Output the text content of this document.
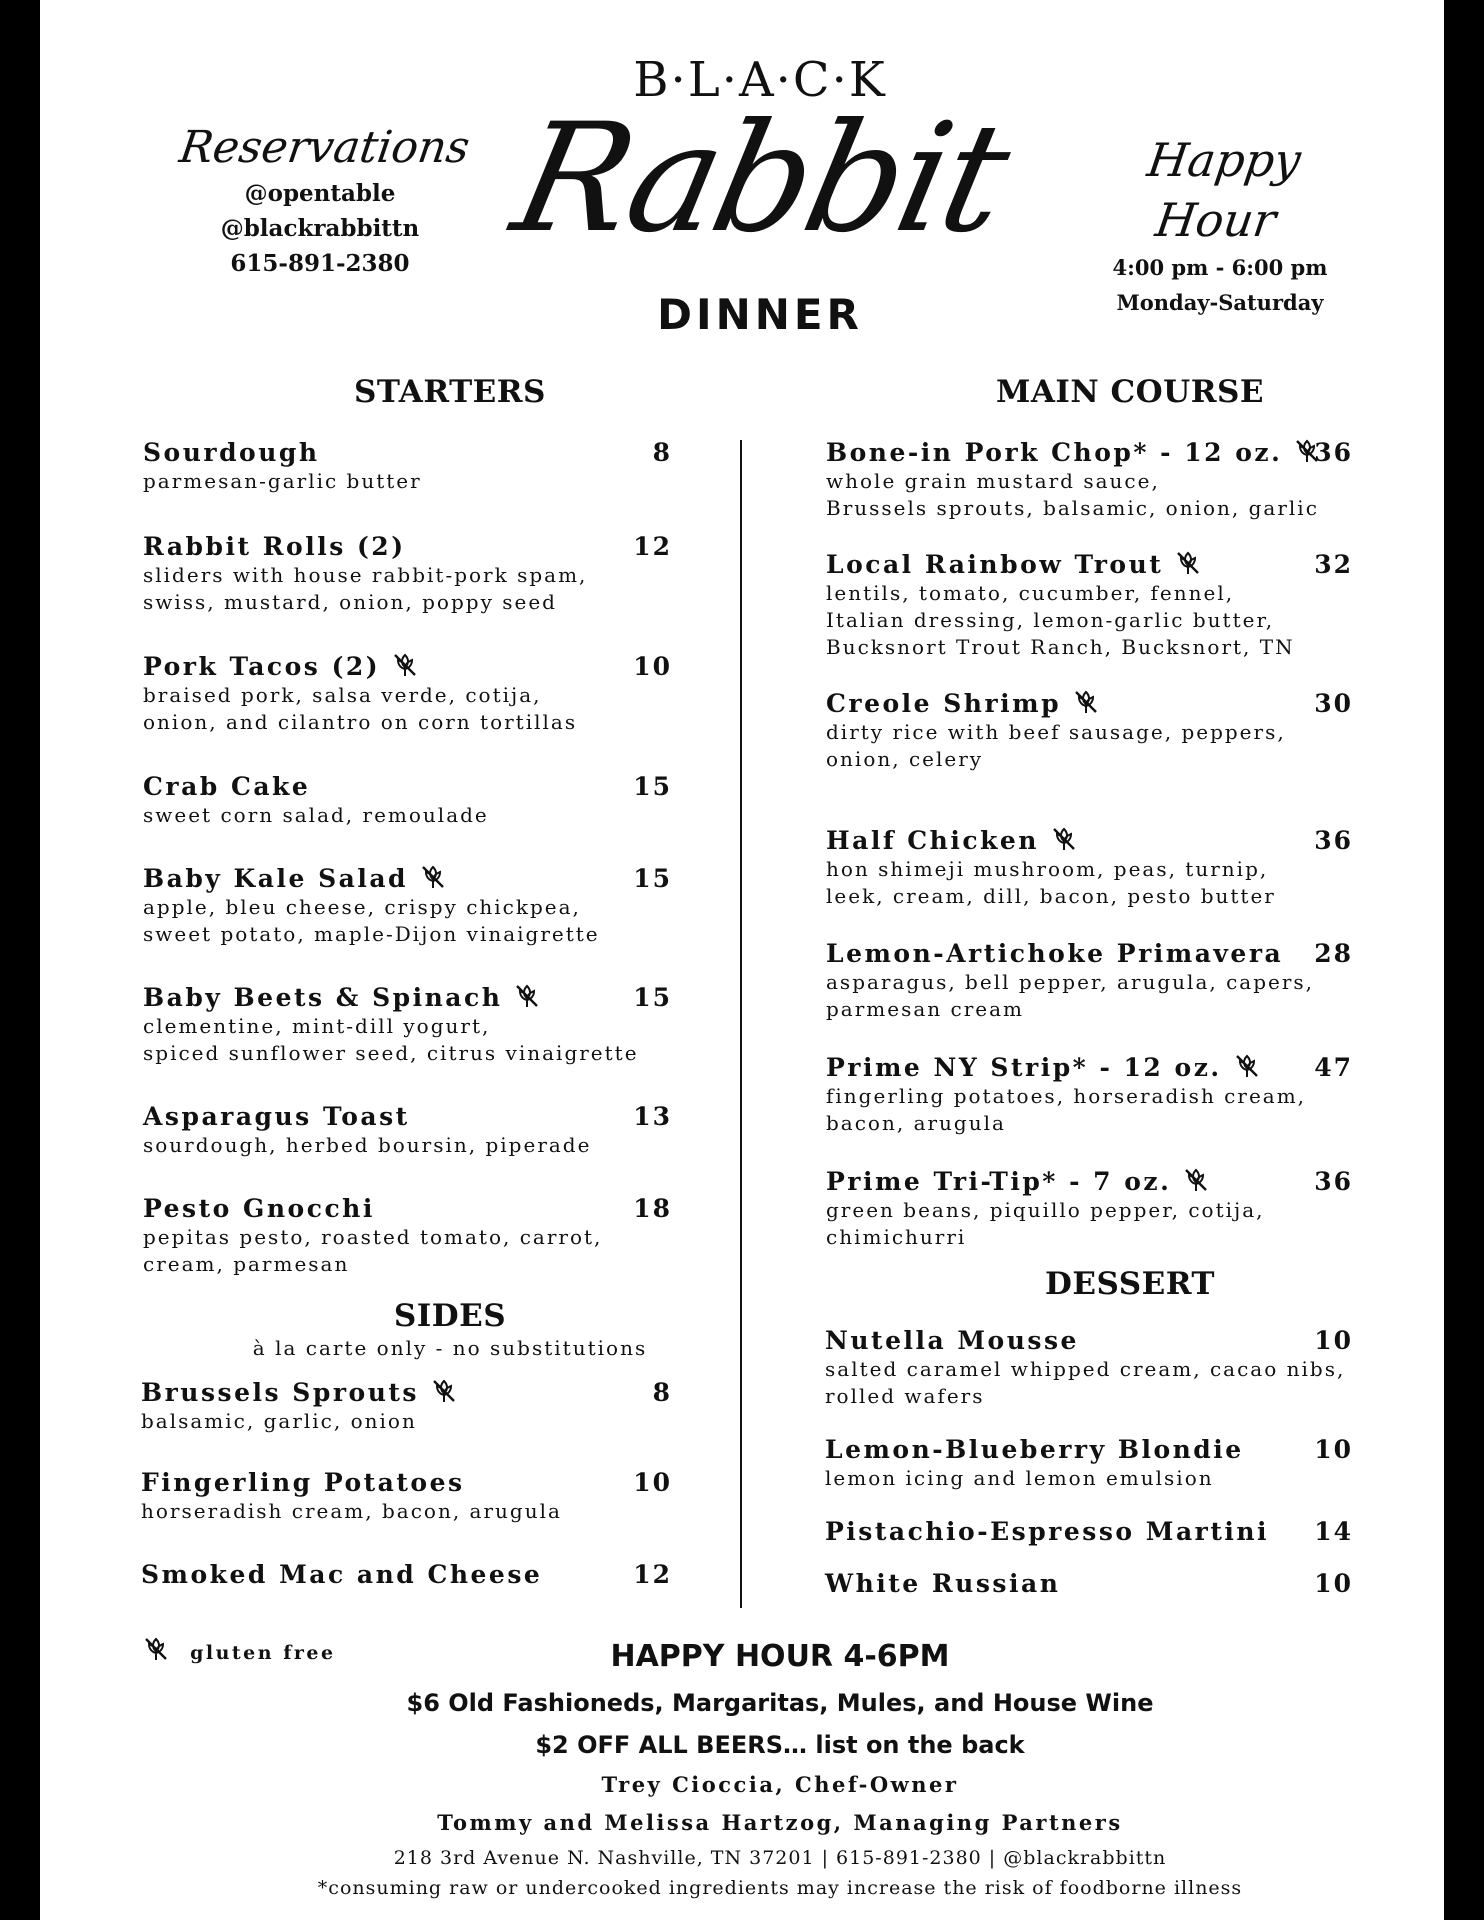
Reservations
@opentable
@blackrabbittn
615-891-2380
B·L·A·C·K
Rabbit	Happy Hour
4:00 pm - 6:00 pm
Monday-Saturday
DINNER
STARTERS	MAIN COURSE
SIDES
à la carte only - no substitutions
DESSERT
Sourdough
parmesan-garlic butter
8
Rabbit Rolls (2)
sliders with house rabbit-pork spam,
swiss, mustard, onion, poppy seed
12
Pork Tacos (2)
braised pork, salsa verde, cotija,
onion, and cilantro on corn tortillas
10
Crab Cake
sweet corn salad, remoulade
15
Baby Kale Salad
apple, bleu cheese, crispy chickpea,
sweet potato, maple-Dijon vinaigrette
15
Baby Beets & Spinach
clementine, mint-dill yogurt,
spiced sunflower seed, citrus vinaigrette
15
Asparagus Toast
sourdough, herbed boursin, piperade
13
Pesto Gnocchi
pepitas pesto, roasted tomato, carrot,
cream, parmesan
18
Brussels Sprouts
balsamic, garlic, onion
8
Fingerling Potatoes
horseradish cream, bacon, arugula
10
Smoked Mac and Cheese	12
Bone-in Pork Chop* - 12 oz.
whole grain mustard sauce,
Brussels sprouts, balsamic, onion, garlic
36
Local Rainbow Trout
lentils, tomato, cucumber, fennel,
Italian dressing, lemon-garlic butter,
Bucksnort Trout Ranch, Bucksnort, TN
32
Creole Shrimp
dirty rice with beef sausage, peppers,
onion, celery
30
Half Chicken
hon shimeji mushroom, peas, turnip,
leek, cream, dill, bacon, pesto butter
36
Lemon-Artichoke Primavera
asparagus, bell pepper, arugula, capers,
parmesan cream
28
Prime NY Strip* - 12 oz.
fingerling potatoes, horseradish cream,
bacon, arugula
47
Prime Tri-Tip* - 7 oz.
green beans, piquillo pepper, cotija,
chimichurri
36
Nutella Mousse
salted caramel whipped cream, cacao nibs,
rolled wafers
10
Lemon-Blueberry Blondie
lemon icing and lemon emulsion
10
Pistachio-Espresso Martini 14
White Russian	10
gluten free	HAPPY HOUR 4-6PM
$6 Old Fashioneds, Margaritas, Mules, and House Wine
$2 OFF ALL BEERS… list on the back
Trey Cioccia, Chef-Owner
Tommy and Melissa Hartzog, Managing Partners
218 3rd Avenue N. Nashville, TN 37201 | 615-891-2380 | @blackrabbittn
*consuming raw or undercooked ingredients may increase the risk of foodborne illness
